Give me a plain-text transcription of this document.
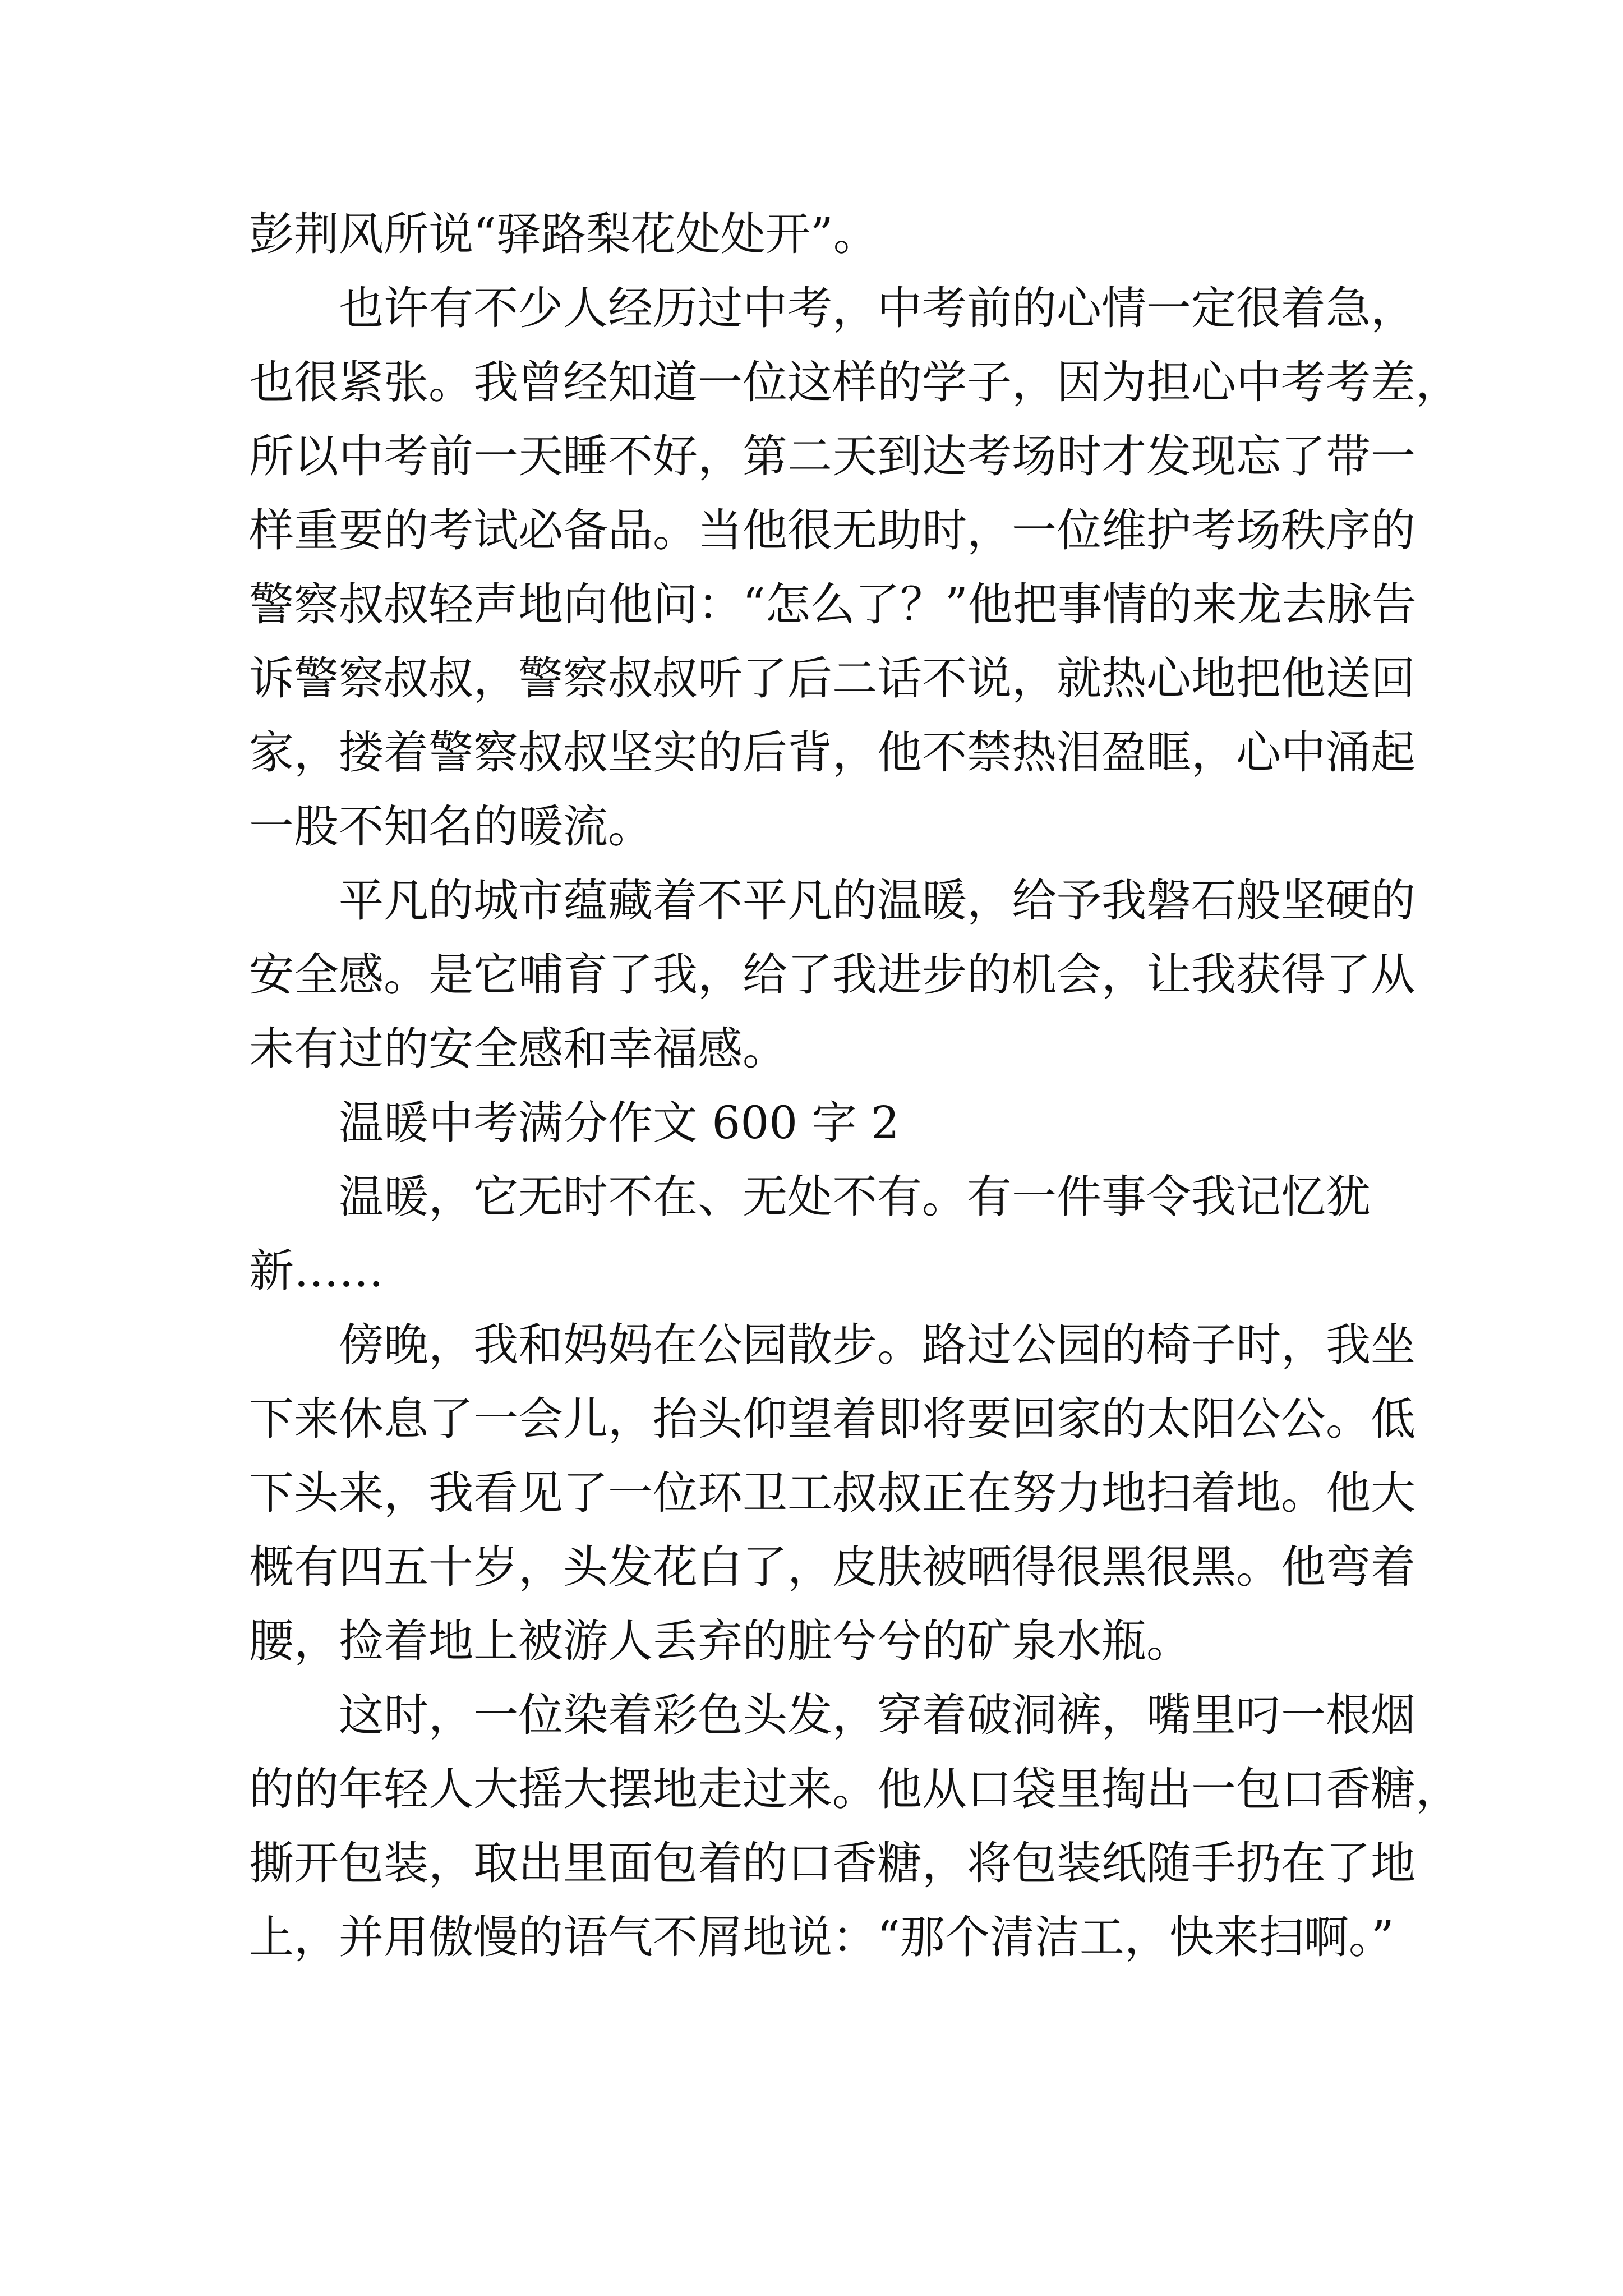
彭荆风所说“驿路梨花处处开”。
也许有不少人经历过中考，中考前的心情一定很着急，
也很紧张。我曾经知道一位这样的学子，因为担心中考考差，
所以中考前一天睡不好，第二天到达考场时才发现忘了带一
样重要的考试必备品。当他很无助时，一位维护考场秩序的
警察叔叔轻声地向他问：“怎么了？”他把事情的来龙去脉告
诉警察叔叔，警察叔叔听了后二话不说，就热心地把他送回
家，搂着警察叔叔坚实的后背，他不禁热泪盈眶，心中涌起
一股不知名的暖流。
平凡的城市蕴藏着不平凡的温暖，给予我磐石般坚硬的
安全感。是它哺育了我，给了我进步的机会，让我获得了从
未有过的安全感和幸福感。
温暖中考满分作文 600 字 2
温暖，它无时不在、无处不有。有一件事令我记忆犹
新……
傍晚，我和妈妈在公园散步。路过公园的椅子时，我坐
下来休息了一会儿，抬头仰望着即将要回家的太阳公公。低
下头来，我看见了一位环卫工叔叔正在努力地扫着地。他大
概有四五十岁，头发花白了，皮肤被晒得很黑很黑。他弯着
腰，捡着地上被游人丢弃的脏兮兮的矿泉水瓶。
这时，一位染着彩色头发，穿着破洞裤，嘴里叼一根烟
的的年轻人大摇大摆地走过来。他从口袋里掏出一包口香糖，
撕开包装，取出里面包着的口香糖，将包装纸随手扔在了地
上，并用傲慢的语气不屑地说：“那个清洁工，快来扫啊。”
